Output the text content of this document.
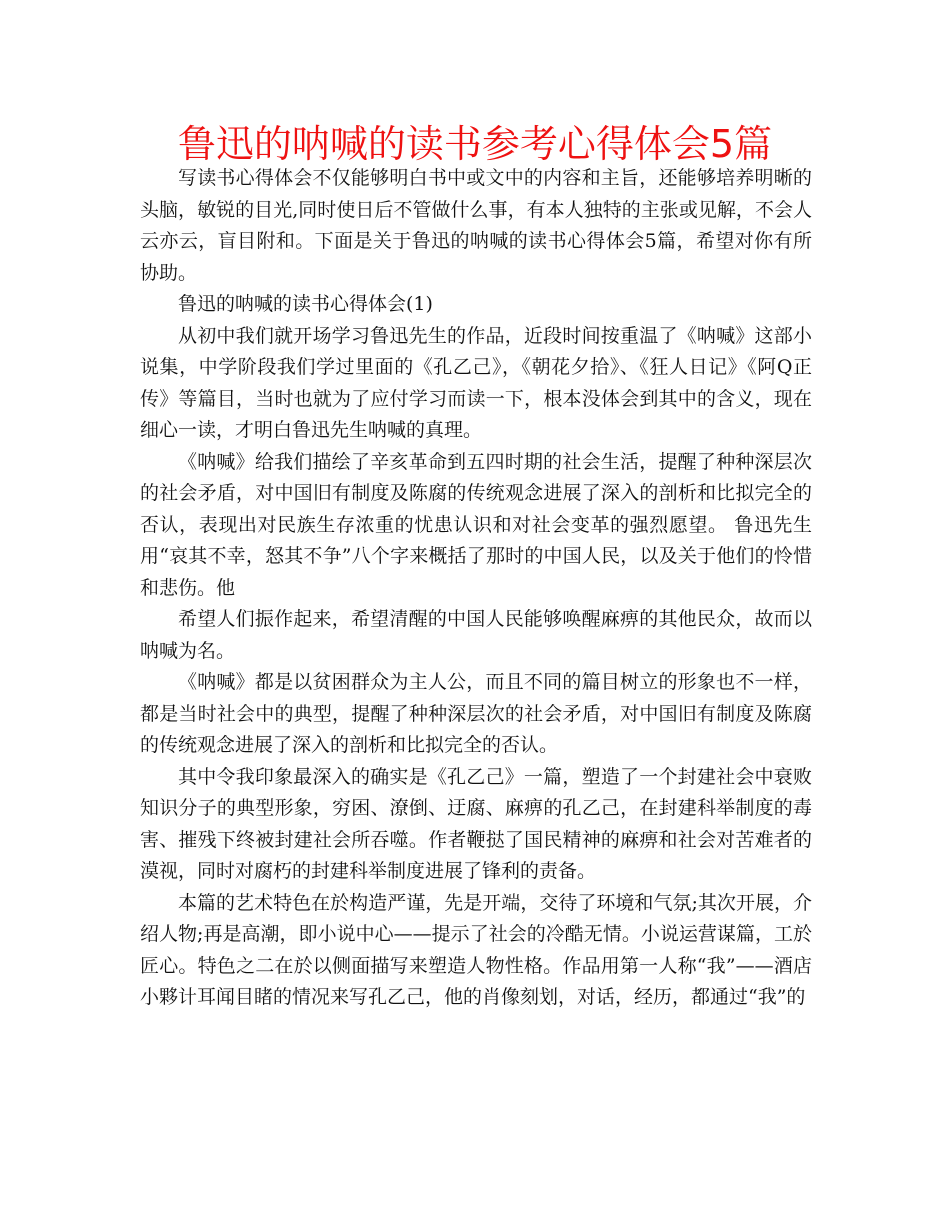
鲁迅的呐喊的读书参考心得体会5篇

写读书心得体会不仅能够明白书中或文中的内容和主旨，还能够培养明晰的头脑，敏锐的目光,同时使日后不管做什么事，有本人独特的主张或见解，不会人云亦云，盲目附和。下面是关于鲁迅的呐喊的读书心得体会5篇，希望对你有所协助。

鲁迅的呐喊的读书心得体会(1)

从初中我们就开场学习鲁迅先生的作品，近段时间按重温了《呐喊》这部小说集，中学阶段我们学过里面的《孔乙己》，《朝花夕拾》、《狂人日记》《阿Q正传》等篇目，当时也就为了应付学习而读一下，根本没体会到其中的含义，现在细心一读，才明白鲁迅先生呐喊的真理。

《呐喊》给我们描绘了辛亥革命到五四时期的社会生活，提醒了种种深层次的社会矛盾，对中国旧有制度及陈腐的传统观念进展了深入的剖析和比拟完全的否认，表现出对民族生存浓重的忧患认识和对社会变革的强烈愿望。 鲁迅先生用“哀其不幸，怒其不争”八个字来概括了那时的中国人民，以及关于他们的怜惜和悲伤。他

希望人们振作起来，希望清醒的中国人民能够唤醒麻痹的其他民众，故而以呐喊为名。

《呐喊》都是以贫困群众为主人公，而且不同的篇目树立的形象也不一样，都是当时社会中的典型，提醒了种种深层次的社会矛盾，对中国旧有制度及陈腐的传统观念进展了深入的剖析和比拟完全的否认。

其中令我印象最深入的确实是《孔乙己》一篇，塑造了一个封建社会中衰败知识分子的典型形象，穷困、潦倒、迂腐、麻痹的孔乙己，在封建科举制度的毒害、摧残下终被封建社会所吞噬。作者鞭挞了国民精神的麻痹和社会对苦难者的漠视，同时对腐朽的封建科举制度进展了锋利的责备。

本篇的艺术特色在於构造严谨，先是开端，交待了环境和气氛;其次开展，介绍人物;再是高潮，即小说中心——提示了社会的冷酷无情。小说运营谋篇，工於匠心。特色之二在於以侧面描写来塑造人物性格。作品用第一人称“我”——酒店小夥计耳闻目睹的情况来写孔乙己，他的肖像刻划，对话，经历，都通过“我”的
